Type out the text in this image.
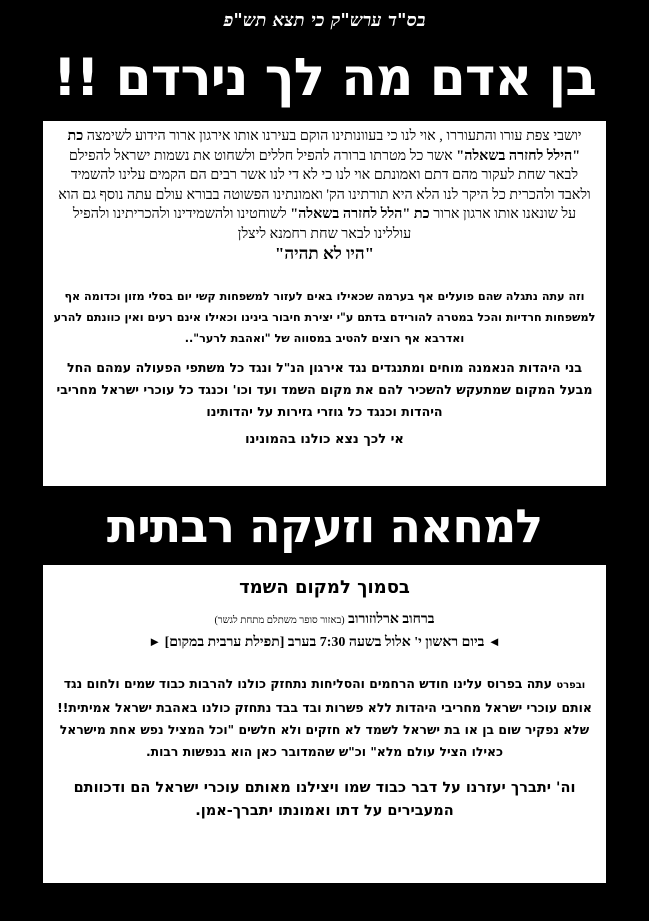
בס"ד ערש"ק כי תצא תש"פ
בן אדם מה לך נירדם !!

יושבי צפת עורו והתעוררו , אוי לנו כי בעוונותינו הוקם בעירנו אותו אירגון ארור הידוע לשימצה כת "הילל לחזרה בשאלה" אשר כל מטרתו ברורה להפיל חללים ולשחוט את נשמות ישראל להפילם לבאר שחת לעקור מהם דתם ואמונתם אוי לנו כי לא די לנו אשר רבים הם הקמים עלינו להשמיד ולאבד ולהכרית כל היקר לנו הלא היא תורתינו הק' ואמונתינו הפשוטה בבורא עולם עתה נוסף גם הוא על שונאנו אותו ארגון ארור כת "הלל לחזרה בשאלה" לשוחטינו ולהשמידינו ולהכריתינו ולהפיל עוללינו לבאר שחת רחמנא ליצלן

"היו לא תהיה"

וזה עתה נתגלה שהם פועלים אף בערמה שכאילו באים לעזור למשפחות קשי יום בסלי מזון וכדומה אף למשפחות חרדיות והכל במטרה להורידם בדתם ע"י יצירת חיבור בינינו וכאילו אינם רעים ואין כוונתם להרע ואדרבא אף רוצים להטיב במסווה של "ואהבת לרער"..

בני היהדות הנאמנה מוחים ומתנגדים נגד אירגון הנ"ל ונגד כל משתפי הפעולה עמהם החל מבעל המקום שמתעקש להשכיר להם את מקום השמד ועד וכו' וכנגד כל עוכרי ישראל מחריבי היהדות וכנגד כל גוזרי גזירות על יהדותינו

אי לכך נצא כולנו בהמונינו

למחאה וזעקה רבתית

בסמוך למקום השמד

ברחוב ארלוזורוב (באזור סופר משתלם מתחת לגשר)

◄ ביום ראשון י' אלול בשעה 7:30 בערב [תפילת ערבית במקום] ►

ובפרט עתה בפרוס עלינו חודש הרחמים והסליחות נתחזק כולנו להרבות כבוד שמים ולחום נגד אותם עוכרי ישראל מחריבי היהדות ללא פשרות ובד בבד נתחזק כולנו באהבת ישראל אמיתית!! שלא נפקיר שום בן או בת ישראל לשמד לא חזקים ולא חלשים "וכל המציל נפש אחת מישראל כאילו הציל עולם מלא" וכ"ש שהמדובר כאן הוא בנפשות רבות.

וה' יתברך יעזרנו על דבר כבוד שמו ויצילנו מאותם עוכרי ישראל הם ודכוותם המעבירים על דתו ואמונתו יתברך-אמן.
